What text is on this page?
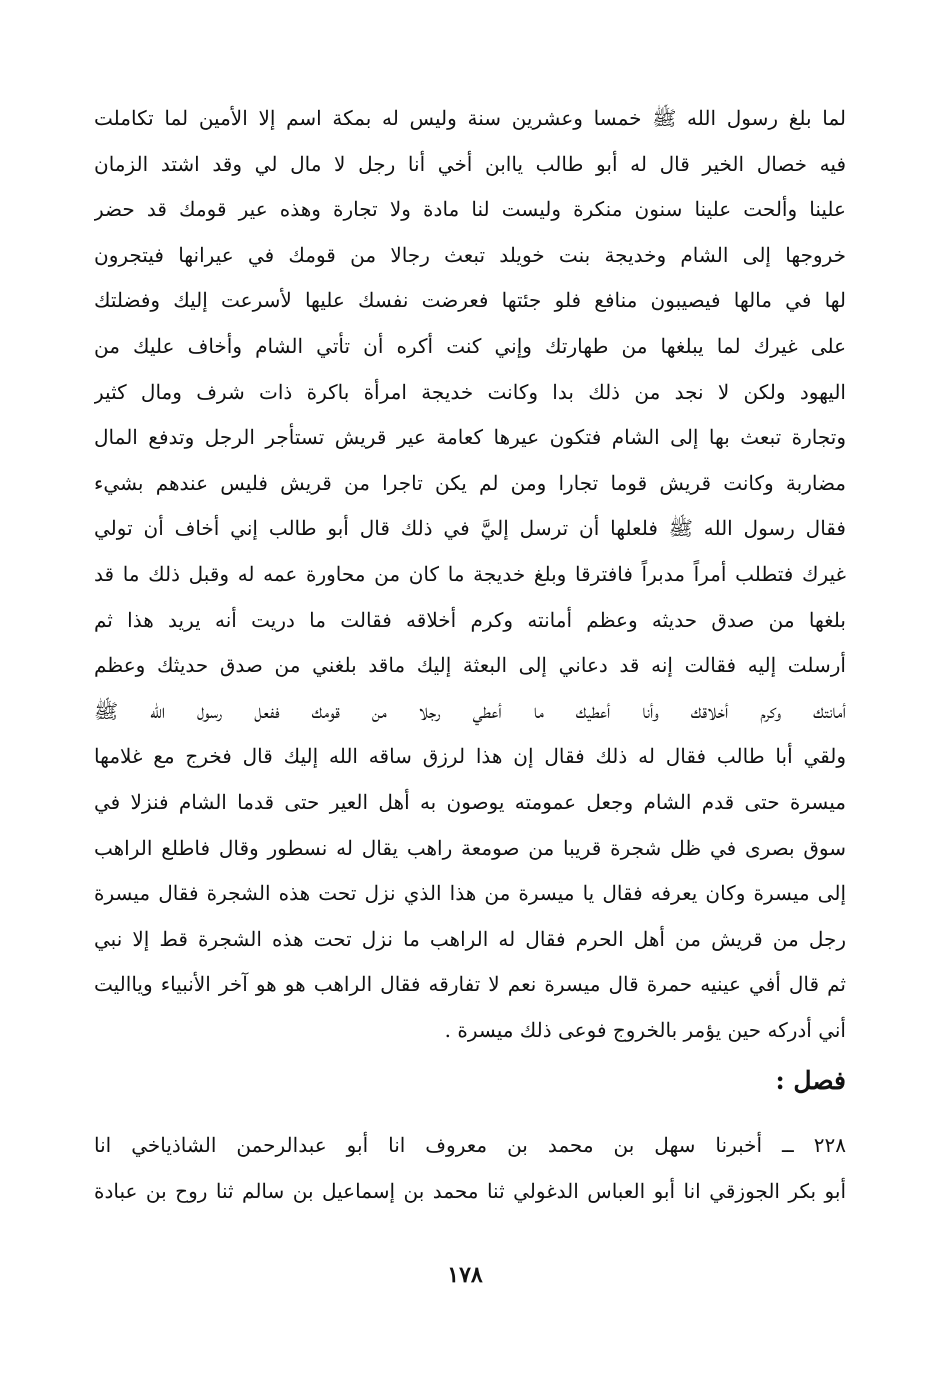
لما بلغ رسول الله ﷺ خمسا وعشرين سنة وليس له بمكة اسم إلا الأمين لما تكاملت
فيه خصال الخير قال له أبو طالب ياابن أخي أنا رجل لا مال لي وقد اشتد الزمان
علينا وألحت علينا سنون منكرة وليست لنا مادة ولا تجارة وهذه عير قومك قد حضر
خروجها إلى الشام وخديجة بنت خويلد تبعث رجالا من قومك في عيرانها فيتجرون
لها في مالها فيصيبون منافع فلو جئتها فعرضت نفسك عليها لأسرعت إليك وفضلتك
على غيرك لما يبلغها من طهارتك وإني كنت أكره أن تأتي الشام وأخاف عليك من
اليهود ولكن لا نجد من ذلك بدا وكانت خديجة امرأة باكرة ذات شرف ومال كثير
وتجارة تبعث بها إلى الشام فتكون عيرها كعامة عير قريش تستأجر الرجل وتدفع المال
مضاربة وكانت قريش قوما تجارا ومن لم يكن تاجرا من قريش فليس عندهم بشيء
فقال رسول الله ﷺ فلعلها أن ترسل إليَّ في ذلك قال أبو طالب إني أخاف أن تولي
غيرك فتطلب أمراً مدبراً فافترقا وبلغ خديجة ما كان من محاورة عمه له وقبل ذلك ما قد
بلغها من صدق حديثه وعظم أمانته وكرم أخلاقه فقالت ما دريت أنه يريد هذا ثم
أرسلت إليه فقالت إنه قد دعاني إلى البعثة إليك ماقد بلغني من صدق حديثك وعظم
أمانتك وكرم أخلاقك وأنا أعطيك ما أعطي رجلا من قومك ففعل رسول الله ﷺ
ولقي أبا طالب فقال له ذلك فقال إن هذا لرزق ساقه الله إليك قال فخرج مع غلامها
ميسرة حتى قدم الشام وجعل عمومته يوصون به أهل العير حتى قدما الشام فنزلا في
سوق بصرى في ظل شجرة قريبا من صومعة راهب يقال له نسطور وقال فاطلع الراهب
إلى ميسرة وكان يعرفه فقال يا ميسرة من هذا الذي نزل تحت هذه الشجرة فقال ميسرة
رجل من قريش من أهل الحرم فقال له الراهب ما نزل تحت هذه الشجرة قط إلا نبي
ثم قال أفي عينيه حمرة قال ميسرة نعم لا تفارقه فقال الراهب هو هو آخر الأنبياء ويااليت
أني أدركه حين يؤمر بالخروج فوعى ذلك ميسرة .
فصل :
٢٢٨ ــ أخبرنا سهل بن محمد بن معروف انا أبو عبدالرحمن الشاذياخي انا
أبو بكر الجوزقي انا أبو العباس الدغولي ثنا محمد بن إسماعيل بن سالم ثنا روح بن عبادة
١٧٨
